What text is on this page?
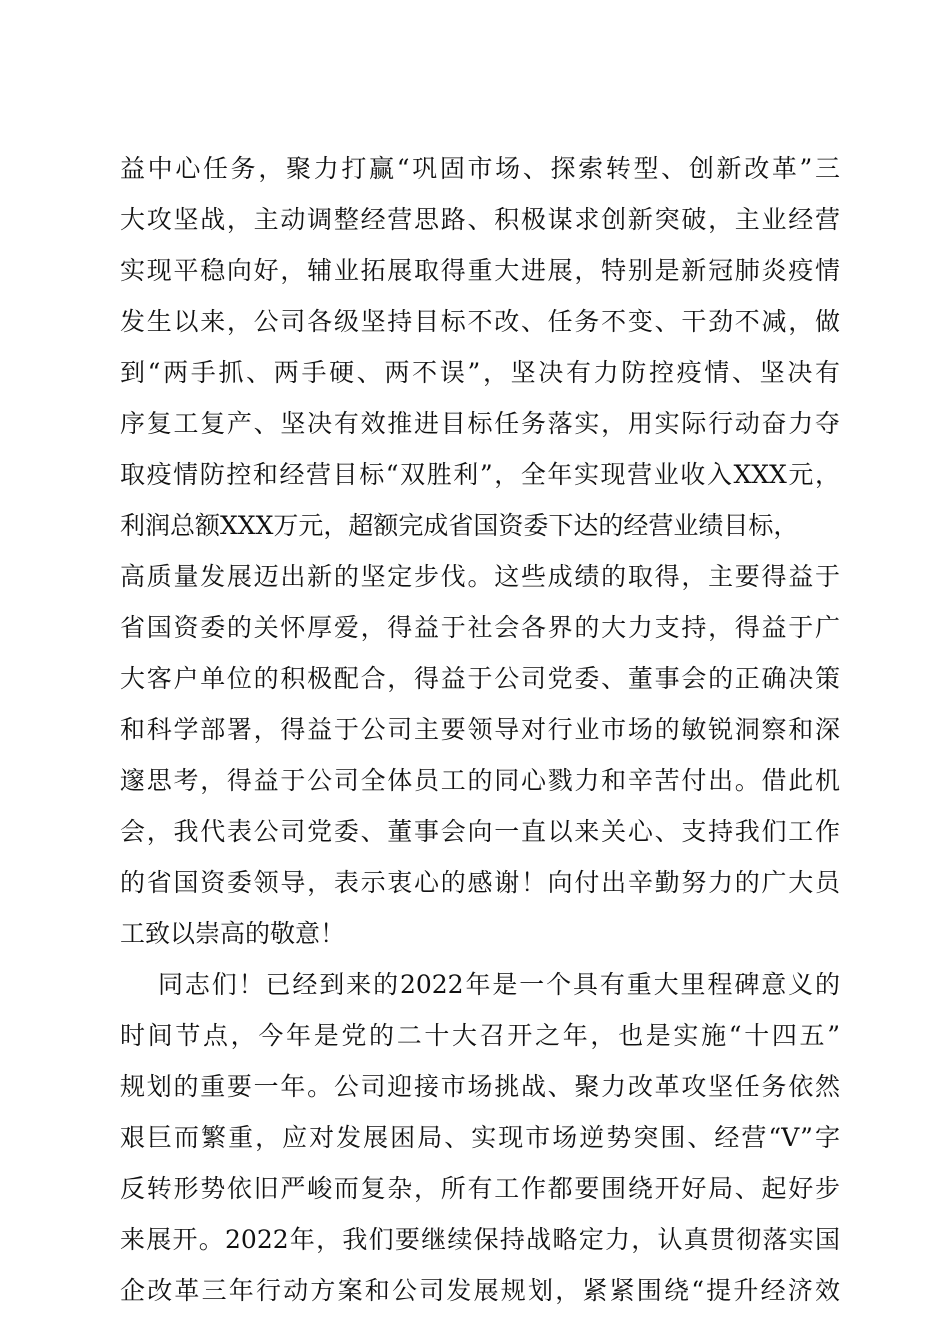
益中心任务，聚力打赢“巩固市场、探索转型、创新改革”三
大攻坚战，主动调整经营思路、积极谋求创新突破，主业经营
实现平稳向好，辅业拓展取得重大进展，特别是新冠肺炎疫情
发生以来，公司各级坚持目标不改、任务不变、干劲不减，做
到“两手抓、两手硬、两不误”，坚决有力防控疫情、坚决有
序复工复产、坚决有效推进目标任务落实，用实际行动奋力夺
取疫情防控和经营目标“双胜利”，全年实现营业收入XXX元，
利润总额XXX万元，超额完成省国资委下达的经营业绩目标，
高质量发展迈出新的坚定步伐。这些成绩的取得，主要得益于
省国资委的关怀厚爱，得益于社会各界的大力支持，得益于广
大客户单位的积极配合，得益于公司党委、董事会的正确决策
和科学部署，得益于公司主要领导对行业市场的敏锐洞察和深
邃思考，得益于公司全体员工的同心戮力和辛苦付出。借此机
会，我代表公司党委、董事会向一直以来关心、支持我们工作
的省国资委领导，表示衷心的感谢！向付出辛勤努力的广大员
工致以崇高的敬意！
同志们！已经到来的2022年是一个具有重大里程碑意义的
时间节点，今年是党的二十大召开之年，也是实施“十四五”
规划的重要一年。公司迎接市场挑战、聚力改革攻坚任务依然
艰巨而繁重，应对发展困局、实现市场逆势突围、经营“V”字
反转形势依旧严峻而复杂，所有工作都要围绕开好局、起好步
来展开。2022年，我们要继续保持战略定力，认真贯彻落实国
企改革三年行动方案和公司发展规划，紧紧围绕“提升经济效
